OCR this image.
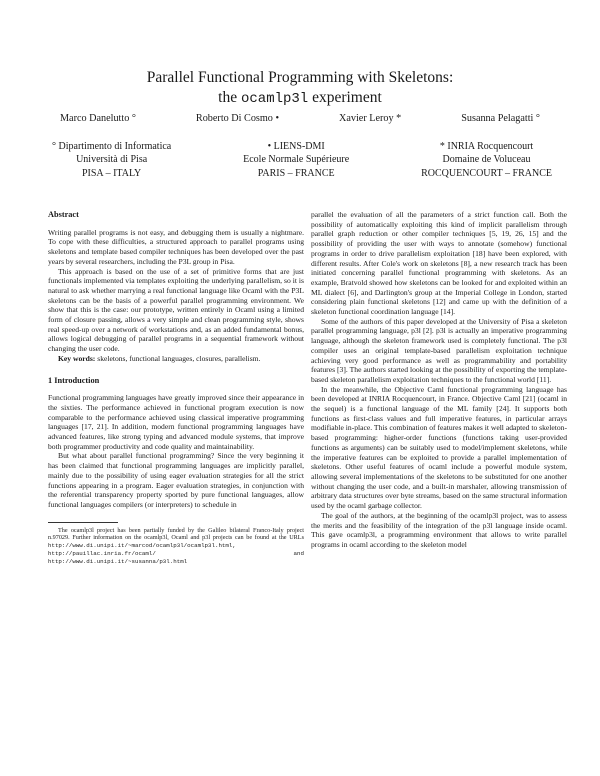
Parallel Functional Programming with Skeletons:
the ocamlp3l experiment
Marco Danelutto °	Roberto Di Cosmo •	Xavier Leroy *	Susanna Pelagatti °
° Dipartimento di Informatica
Università di Pisa
PISA – ITALY
• LIENS-DMI
Ecole Normale Supérieure
PARIS – FRANCE
* INRIA Rocquencourt
Domaine de Voluceau
ROCQUENCOURT – FRANCE
Abstract

Writing parallel programs is not easy, and debugging them is usually a nightmare. To cope with these difficulties, a structured approach to parallel programs using skeletons and template based compiler techniques has been developed over the past years by several researchers, including the P3L group in Pisa.

This approach is based on the use of a set of primitive forms that are just functionals implemented via templates exploiting the underlying parallelism, so it is natural to ask whether marrying a real functional language like Ocaml with the P3L skeletons can be the basis of a powerful parallel programming environment. We show that this is the case: our prototype, written entirely in Ocaml using a limited form of closure passing, allows a very simple and clean programming style, shows real speed-up over a network of workstations and, as an added fundamental bonus, allows logical debugging of parallel programs in a sequential framework without changing the user code.

Key words: skeletons, functional languages, closures, parallelism.

1 Introduction

Functional programming languages have greatly improved since their appearance in the sixties. The performance achieved in functional program execution is now comparable to the performance achieved using classical imperative programming languages [17, 21]. In addition, modern functional programming languages have advanced features, like strong typing and advanced module systems, that improve both programmer productivity and code quality and maintainability.

But what about parallel functional programming? Since the very beginning it has been claimed that functional programming languages are implicitly parallel, mainly due to the possibility of using eager evaluation strategies for all the strict functions appearing in a program. Eager evaluation strategies, in conjunction with the referential transparency property sported by pure functional languages, allow functional languages compilers (or interpreters) to schedule in

The ocamlp3l project has been partially funded by the Galileo bilateral Franco-Italy project n.97029. Further information on the ocamlp3l, Ocaml and p3l projects can be found at the URLs http://www.di.unipi.it/~marcod/ocamlp3l/ocamlp3l.html, http://pauillac.inria.fr/ocaml/ and http://www.di.unipi.it/~susanna/p3l.html

parallel the evaluation of all the parameters of a strict function call. Both the possibility of automatically exploiting this kind of implicit parallelism through parallel graph reduction or other compiler techniques [5, 19, 26, 15] and the possibility of providing the user with ways to annotate (somehow) functional programs in order to drive parallelism exploitation [18] have been explored, with different results. After Cole's work on skeletons [8], a new research track has been initiated concerning parallel functional programming with skeletons. As an example, Bratvold showed how skeletons can be looked for and exploited within an ML dialect [6], and Darlington's group at the Imperial College in London, started considering plain functional skeletons [12] and came up with the definition of a skeleton functional coordination language [14].

Some of the authors of this paper developed at the University of Pisa a skeleton parallel programming language, p3l [2]. p3l is actually an imperative programming language, although the skeleton framework used is completely functional. The p3l compiler uses an original template-based parallelism exploitation technique achieving very good performance as well as programmability and portability features [3]. The authors started looking at the possibility of exporting the template-based skeleton parallelism exploitation techniques to the functional world [11].

In the meanwhile, the Objective Caml functional programming language has been developed at INRIA Rocquencourt, in France. Objective Caml [21] (ocaml in the sequel) is a functional language of the ML family [24]. It supports both functions as first-class values and full imperative features, in particular arrays modifiable in-place. This combination of features makes it well adapted to skeleton-based programming: higher-order functions (functions taking user-provided functions as arguments) can be suitably used to model/implement skeletons, while the imperative features can be exploited to provide a parallel implementation of skeletons. Other useful features of ocaml include a powerful module system, allowing several implementations of the skeletons to be substituted for one another without changing the user code, and a built-in marshaler, allowing transmission of arbitrary data structures over byte streams, based on the same structural information used by the ocaml garbage collector.

The goal of the authors, at the beginning of the ocamlp3l project, was to assess the merits and the feasibility of the integration of the p3l language inside ocaml. This gave ocamlp3l, a programming environment that allows to write parallel programs in ocaml according to the skeleton model
